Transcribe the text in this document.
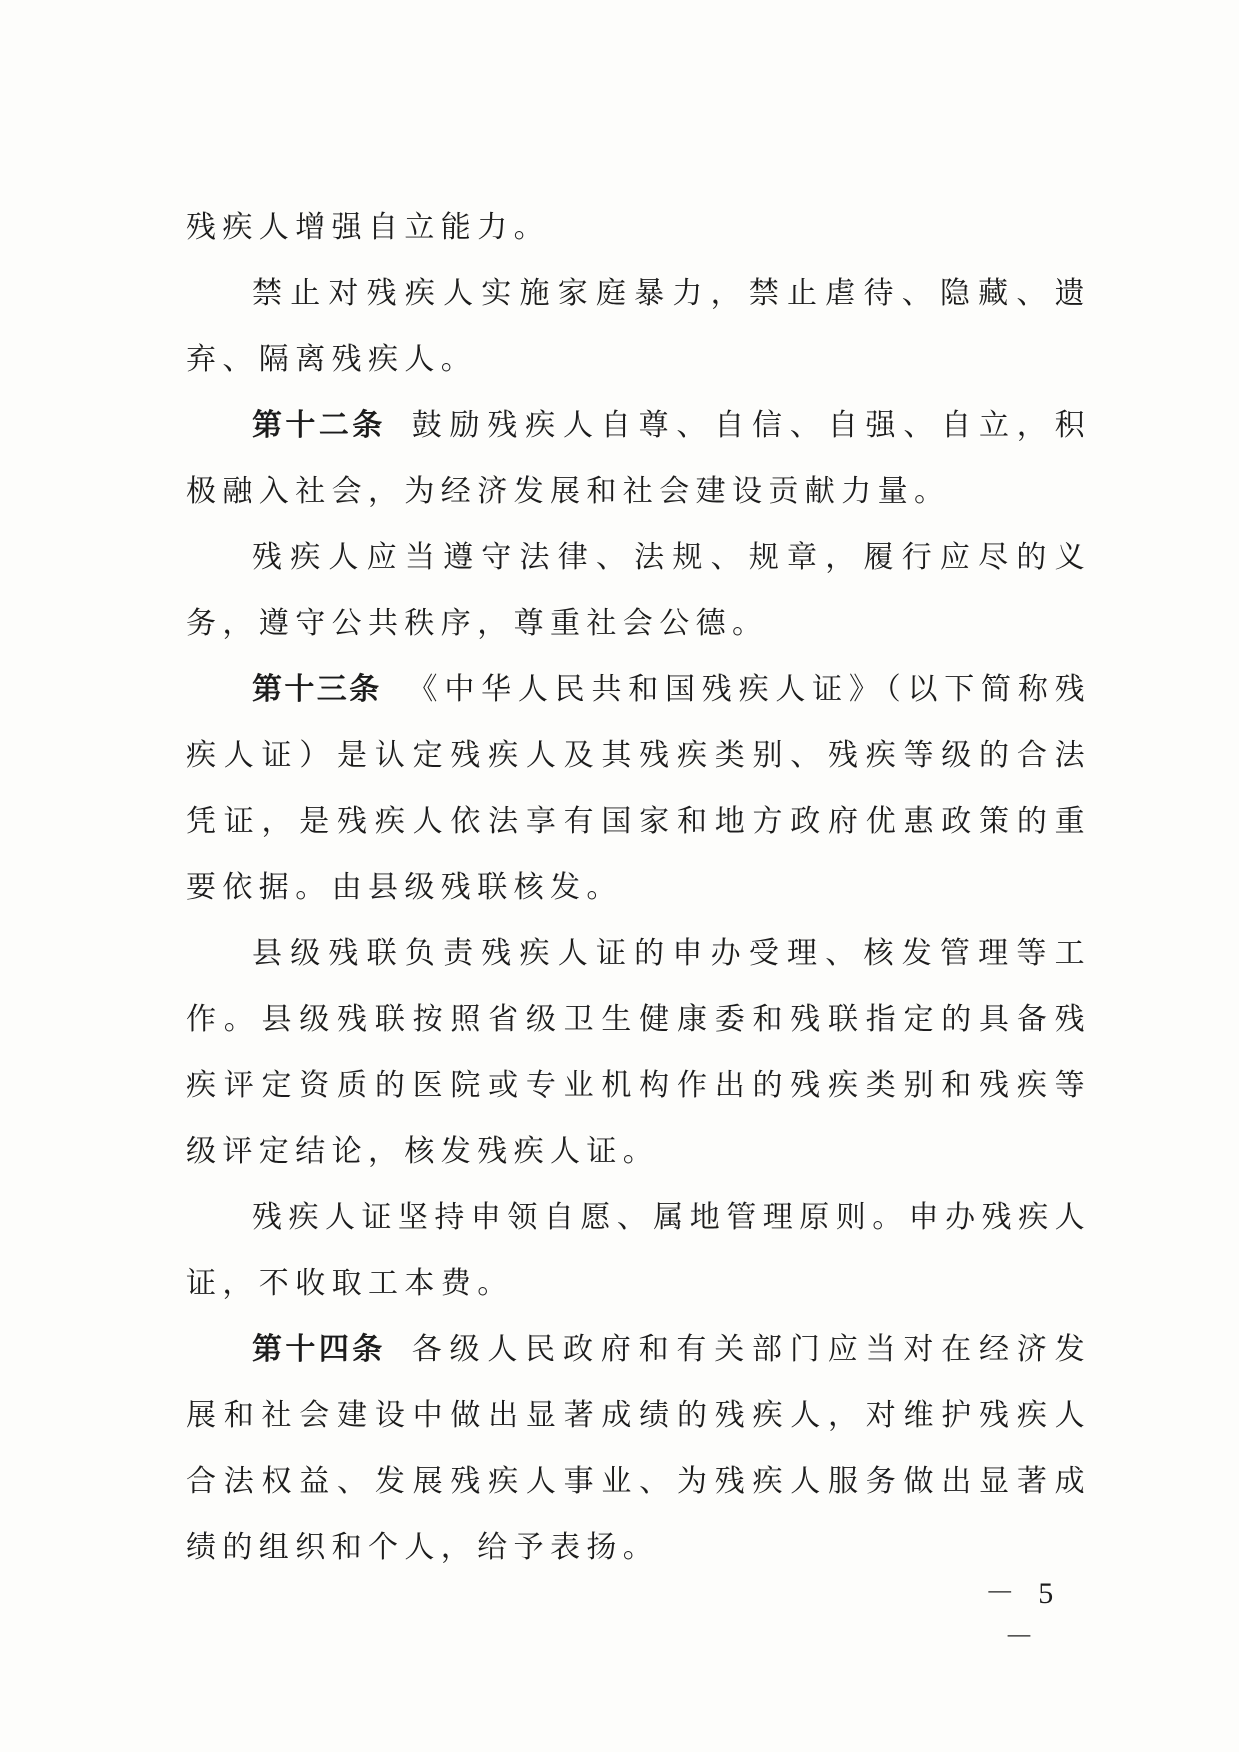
残疾人增强自立能力。

禁止对残疾人实施家庭暴力，禁止虐待、隐藏、遗弃、隔离残疾人。

第十二条 鼓励残疾人自尊、自信、自强、自立，积极融入社会，为经济发展和社会建设贡献力量。

残疾人应当遵守法律、法规、规章，履行应尽的义务，遵守公共秩序，尊重社会公德。

第十三条 《中华人民共和国残疾人证》（以下简称残疾人证）是认定残疾人及其残疾类别、残疾等级的合法凭证，是残疾人依法享有国家和地方政府优惠政策的重要依据。由县级残联核发。

县级残联负责残疾人证的申办受理、核发管理等工作。县级残联按照省级卫生健康委和残联指定的具备残疾评定资质的医院或专业机构作出的残疾类别和残疾等级评定结论，核发残疾人证。

残疾人证坚持申领自愿、属地管理原则。申办残疾人证，不收取工本费。

第十四条 各级人民政府和有关部门应当对在经济发展和社会建设中做出显著成绩的残疾人，对维护残疾人合法权益、发展残疾人事业、为残疾人服务做出显著成绩的组织和个人，给予表扬。

－ 5 －
